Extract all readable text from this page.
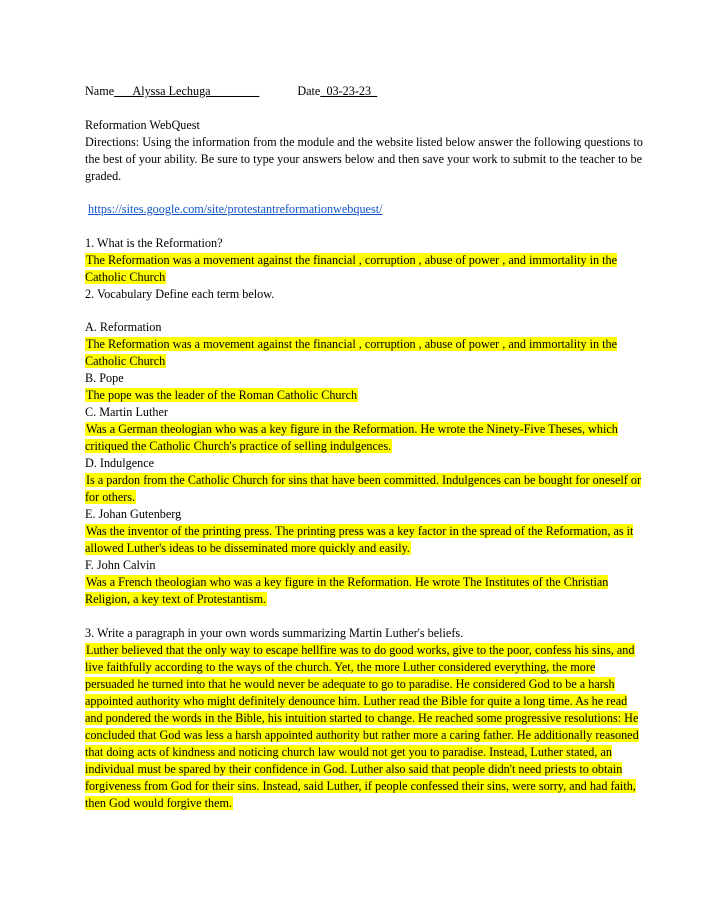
Name___Alyssa Lechuga________	Date_03-23-23_

Reformation WebQuest

Directions: Using the information from the module and the website listed below answer the following questions to the best of your ability. Be sure to type your answers below and then save your work to submit to the teacher to be graded.

https://sites.google.com/site/protestantreformationwebquest/

1. What is the Reformation?

The Reformation was a movement against the financial , corruption , abuse of power , and immortality in the Catholic Church

2. Vocabulary Define each term below.

A. Reformation

The Reformation was a movement against the financial , corruption , abuse of power , and immortality in the Catholic Church

B. Pope

The pope was the leader of the Roman Catholic Church

C. Martin Luther

Was a German theologian who was a key figure in the Reformation. He wrote the Ninety-Five Theses, which critiqued the Catholic Church's practice of selling indulgences.

D. Indulgence

Is a pardon from the Catholic Church for sins that have been committed. Indulgences can be bought for oneself or for others.

E. Johan Gutenberg

Was the inventor of the printing press. The printing press was a key factor in the spread of the Reformation, as it allowed Luther's ideas to be disseminated more quickly and easily.

F. John Calvin

Was a French theologian who was a key figure in the Reformation. He wrote The Institutes of the Christian Religion, a key text of Protestantism.

3. Write a paragraph in your own words summarizing Martin Luther's beliefs.

Luther believed that the only way to escape hellfire was to do good works, give to the poor, confess his sins, and live faithfully according to the ways of the church. Yet, the more Luther considered everything, the more persuaded he turned into that he would never be adequate to go to paradise. He considered God to be a harsh appointed authority who might definitely denounce him. Luther read the Bible for quite a long time. As he read and pondered the words in the Bible, his intuition started to change. He reached some progressive resolutions: He concluded that God was less a harsh appointed authority but rather more a caring father. He additionally reasoned that doing acts of kindness and noticing church law would not get you to paradise. Instead, Luther stated, an individual must be spared by their confidence in God. Luther also said that people didn't need priests to obtain forgiveness from God for their sins. Instead, said Luther, if people confessed their sins, were sorry, and had faith, then God would forgive them.
